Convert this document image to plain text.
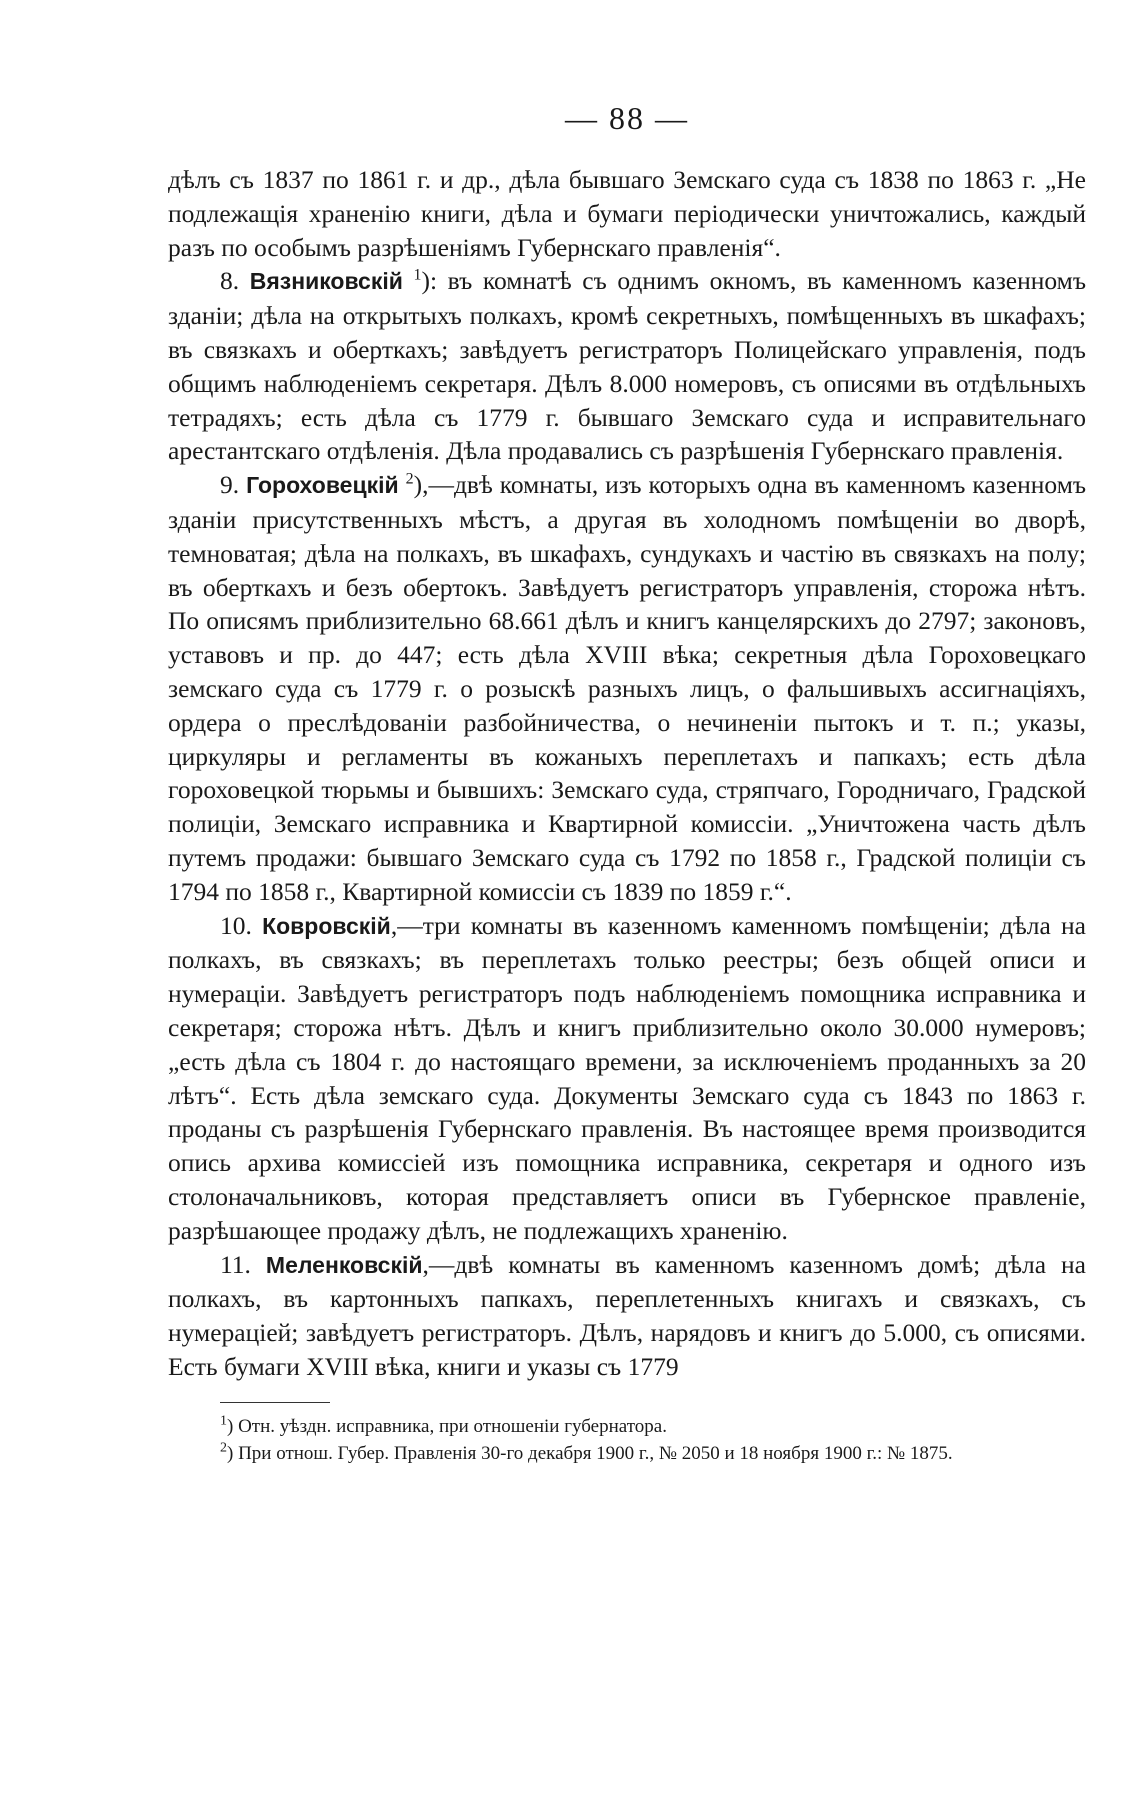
— 88 —

дѣлъ съ 1837 по 1861 г. и др., дѣла бывшаго Земскаго суда съ 1838 по 1863 г. „Не подлежащія храненію книги, дѣла и бумаги періодически уничтожались, каждый разъ по особымъ разрѣшеніямъ Губернскаго правленія“.

8. Вязниковскій $^1$): въ комнатѣ съ однимъ окномъ, въ каменномъ казенномъ зданіи; дѣла на открытыхъ полкахъ, кромѣ секретныхъ, помѣщенныхъ въ шкафахъ; въ связкахъ и оберткахъ; завѣдуетъ регистраторъ Полицейскаго управленія, подъ общимъ наблюденіемъ секретаря. Дѣлъ 8.000 номеровъ, съ описями въ отдѣльныхъ тетрадяхъ; есть дѣла съ 1779 г. бывшаго Земскаго суда и исправительнаго арестантскаго отдѣленія. Дѣла продавались съ разрѣшенія Губернскаго правленія.

9. Гороховецкій $^2$),—двѣ комнаты, изъ которыхъ одна въ каменномъ казенномъ зданіи присутственныхъ мѣстъ, а другая въ холодномъ помѣщеніи во дворѣ, темноватая; дѣла на полкахъ, въ шкафахъ, сундукахъ и частію въ связкахъ на полу; въ оберткахъ и безъ обертокъ. Завѣдуетъ регистраторъ управленія, сторожа нѣтъ. По описямъ приблизительно 68.661 дѣлъ и книгъ канцелярскихъ до 2797; законовъ, уставовъ и пр. до 447; есть дѣла XVIII вѣка; секретныя дѣла Гороховецкаго земскаго суда съ 1779 г. о розыскѣ разныхъ лицъ, о фальшивыхъ ассигнаціяхъ, ордера о преслѣдованіи разбойничества, о нечиненіи пытокъ и т. п.; указы, циркуляры и регламенты въ кожаныхъ переплетахъ и папкахъ; есть дѣла гороховецкой тюрьмы и бывшихъ: Земскаго суда, стряпчаго, Городничаго, Градской полиціи, Земскаго исправника и Квартирной комиссіи. „Уничтожена часть дѣлъ путемъ продажи: бывшаго Земскаго суда съ 1792 по 1858 г., Градской полиціи съ 1794 по 1858 г., Квартирной комиссіи съ 1839 по 1859 г.“.

10. Ковровскій,—три комнаты въ казенномъ каменномъ помѣщеніи; дѣла на полкахъ, въ связкахъ; въ переплетахъ только реестры; безъ общей описи и нумераціи. Завѣдуетъ регистраторъ подъ наблюденіемъ помощника исправника и секретаря; сторожа нѣтъ. Дѣлъ и книгъ приблизительно около 30.000 нумеровъ; „есть дѣла съ 1804 г. до настоящаго времени, за исключеніемъ проданныхъ за 20 лѣтъ“. Есть дѣла земскаго суда. Документы Земскаго суда съ 1843 по 1863 г. проданы съ разрѣшенія Губернскаго правленія. Въ настоящее время производится опись архива комиссіей изъ помощника исправника, секретаря и одного изъ столоначальниковъ, которая представляетъ описи въ Губернское правленіе, разрѣшающее продажу дѣлъ, не подлежащихъ храненію.

11. Меленковскій,—двѣ комнаты въ каменномъ казенномъ домѣ; дѣла на полкахъ, въ картонныхъ папкахъ, переплетенныхъ книгахъ и связкахъ, съ нумераціей; завѣдуетъ регистраторъ. Дѣлъ, нарядовъ и книгъ до 5.000, съ описями. Есть бумаги XVIII вѣка, книги и указы съ 1779

$^1$) Отн. уѣздн. исправника, при отношеніи губернатора.

$^2$) При отнош. Губер. Правленія 30-го декабря 1900 г., № 2050 и 18 ноября 1900 г.: № 1875.
